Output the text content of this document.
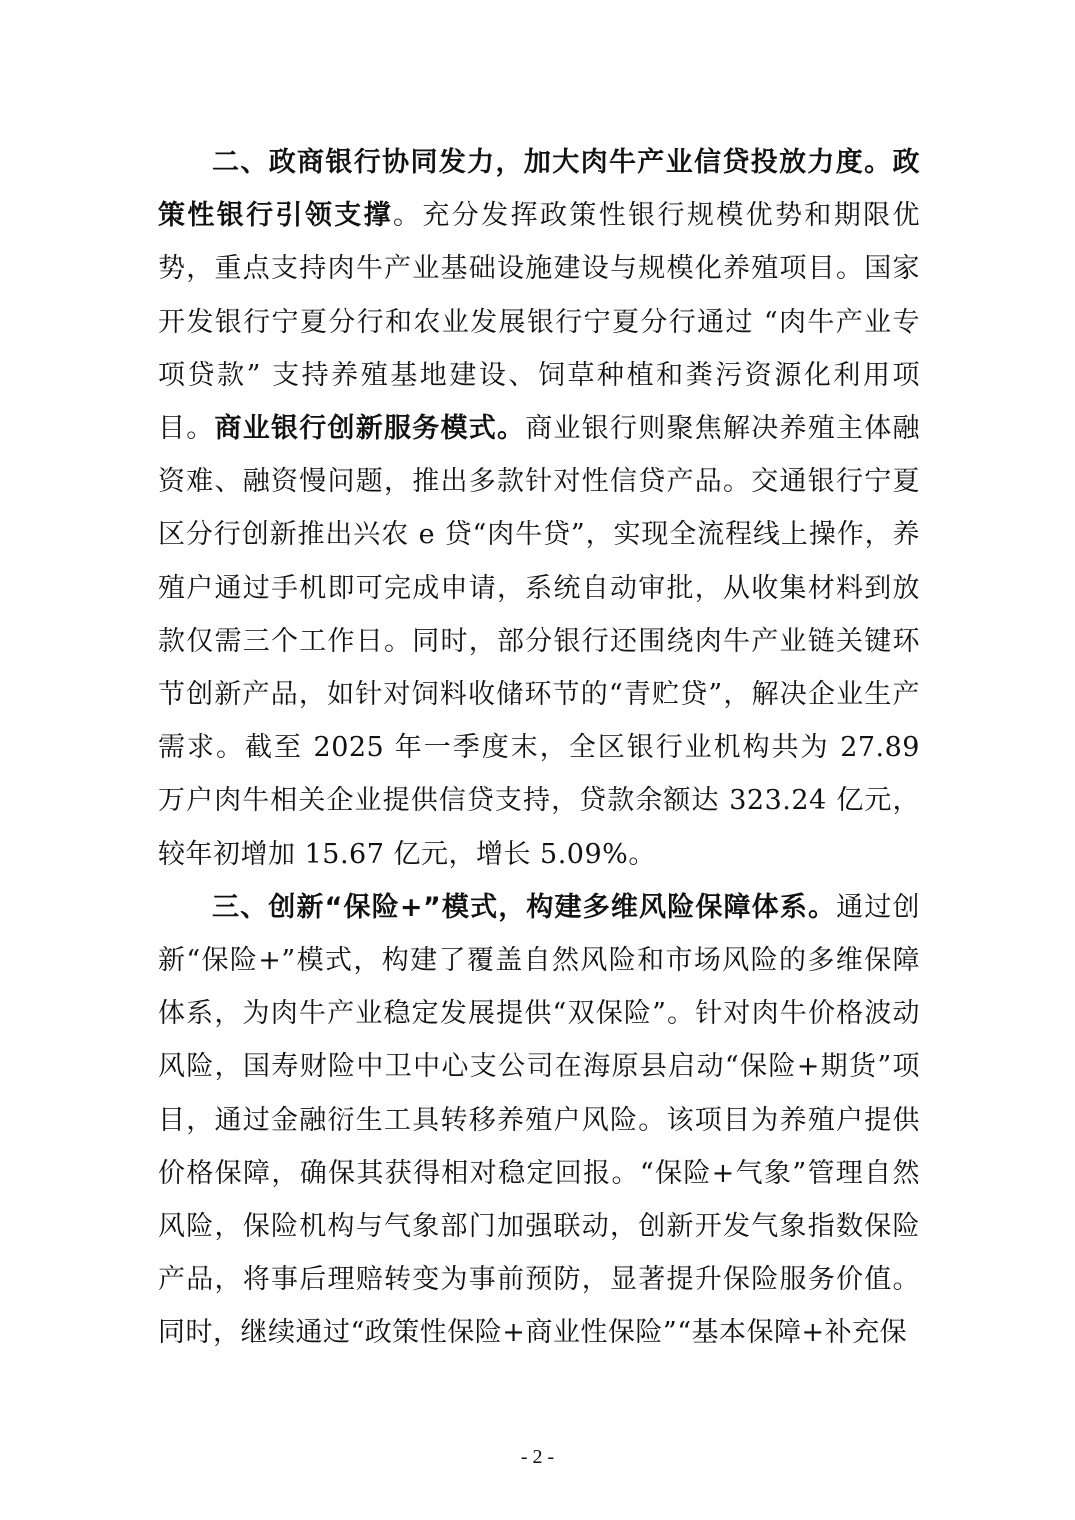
二、政商银行协同发力，加大肉牛产业信贷投放力度。政策性银行引领支撑。充分发挥政策性银行规模优势和期限优势，重点支持肉牛产业基础设施建设与规模化养殖项目。国家开发银行宁夏分行和农业发展银行宁夏分行通过 “肉牛产业专项贷款” 支持养殖基地建设、饲草种植和粪污资源化利用项目。商业银行创新服务模式。商业银行则聚焦解决养殖主体融资难、融资慢问题，推出多款针对性信贷产品。交通银行宁夏区分行创新推出兴农 e 贷“肉牛贷”，实现全流程线上操作，养殖户通过手机即可完成申请，系统自动审批，从收集材料到放款仅需三个工作日。同时，部分银行还围绕肉牛产业链关键环节创新产品，如针对饲料收储环节的“青贮贷”，解决企业生产需求。截至 2025 年一季度末，全区银行业机构共为 27.89 万户肉牛相关企业提供信贷支持，贷款余额达 323.24 亿元，较年初增加 15.67 亿元，增长 5.09%。

三、创新“保险+”模式，构建多维风险保障体系。通过创新“保险+”模式，构建了覆盖自然风险和市场风险的多维保障体系，为肉牛产业稳定发展提供“双保险”。针对肉牛价格波动风险，国寿财险中卫中心支公司在海原县启动“保险+期货”项目，通过金融衍生工具转移养殖户风险。该项目为养殖户提供价格保障，确保其获得相对稳定回报。“保险+气象”管理自然风险，保险机构与气象部门加强联动，创新开发气象指数保险产品，将事后理赔转变为事前预防，显著提升保险服务价值。同时，继续通过“政策性保险+商业性保险”“基本保障+补充保

- 2 -
